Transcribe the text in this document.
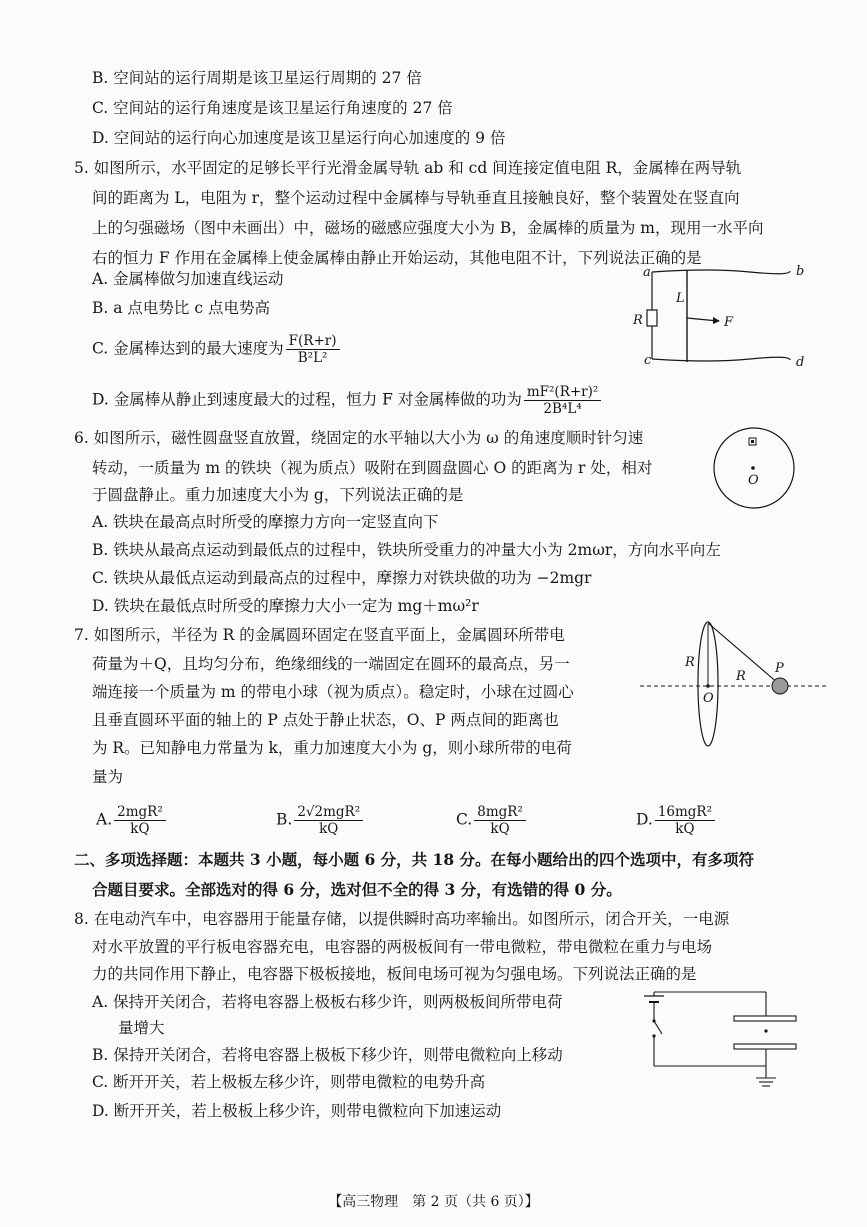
B. 空间站的运行周期是该卫星运行周期的 27 倍
C. 空间站的运行角速度是该卫星运行角速度的 27 倍
D. 空间站的运行向心加速度是该卫星运行向心加速度的 9 倍
5. 如图所示，水平固定的足够长平行光滑金属导轨 ab 和 cd 间连接定值电阻 R，金属棒在两导轨
间的距离为 L，电阻为 r，整个运动过程中金属棒与导轨垂直且接触良好，整个装置处在竖直向
上的匀强磁场（图中未画出）中，磁场的磁感应强度大小为 B，金属棒的质量为 m，现用一水平向
右的恒力 F 作用在金属棒上使金属棒由静止开始运动，其他电阻不计，下列说法正确的是
A. 金属棒做匀加速直线运动
B. a 点电势比 c 点电势高
C. 金属棒达到的最大速度为 $\frac{F(R+r)}{\text{B²L²}}$
D. 金属棒从静止到速度最大的过程，恒力 F 对金属棒做的功为 $\frac{\text{mF²(R+r)²}}{\text{2B⁴L⁴}}$
a	b
c	d
L
R	F
6. 如图所示，磁性圆盘竖直放置，绕固定的水平轴以大小为 ω 的角速度顺时针匀速
转动，一质量为 m 的铁块（视为质点）吸附在到圆盘圆心 O 的距离为 r 处，相对
于圆盘静止。重力加速度大小为 g，下列说法正确的是
A. 铁块在最高点时所受的摩擦力方向一定竖直向下
B. 铁块从最高点运动到最低点的过程中，铁块所受重力的冲量大小为 2mωr，方向水平向左
C. 铁块从最低点运动到最高点的过程中，摩擦力对铁块做的功为 −2mgr
D. 铁块在最低点时所受的摩擦力大小一定为 mg＋mω²r
O
7. 如图所示，半径为 R 的金属圆环固定在竖直平面上，金属圆环所带电
荷量为＋Q，且均匀分布，绝缘细线的一端固定在圆环的最高点，另一
端连接一个质量为 m 的带电小球（视为质点）。稳定时，小球在过圆心
且垂直圆环平面的轴上的 P 点处于静止状态，O、P 两点间的距离也
为 R。已知静电力常量为 k，重力加速度大小为 g，则小球所带的电荷
量为
A. $\frac{\text{2mgR²}}{kQ}$	B. $\frac{\text{2√2mgR²}}{kQ}$	C. $\frac{\text{8mgR²}}{kQ}$	D. $\frac{\text{16mgR²}}{kQ}$
R
R
O
P
二、多项选择题：本题共 3 小题，每小题 6 分，共 18 分。在每小题给出的四个选项中，有多项符
合题目要求。全部选对的得 6 分，选对但不全的得 3 分，有选错的得 0 分。
8. 在电动汽车中，电容器用于能量存储，以提供瞬时高功率输出。如图所示，闭合开关，一电源
对水平放置的平行板电容器充电，电容器的两极板间有一带电微粒，带电微粒在重力与电场
力的共同作用下静止，电容器下极板接地，板间电场可视为匀强电场。下列说法正确的是
A. 保持开关闭合，若将电容器上极板右移少许，则两极板间所带电荷
量增大
B. 保持开关闭合，若将电容器上极板下移少许，则带电微粒向上移动
C. 断开开关，若上极板左移少许，则带电微粒的电势升高
D. 断开开关，若上极板上移少许，则带电微粒向下加速运动
【高三物理　第 2 页（共 6 页）】
